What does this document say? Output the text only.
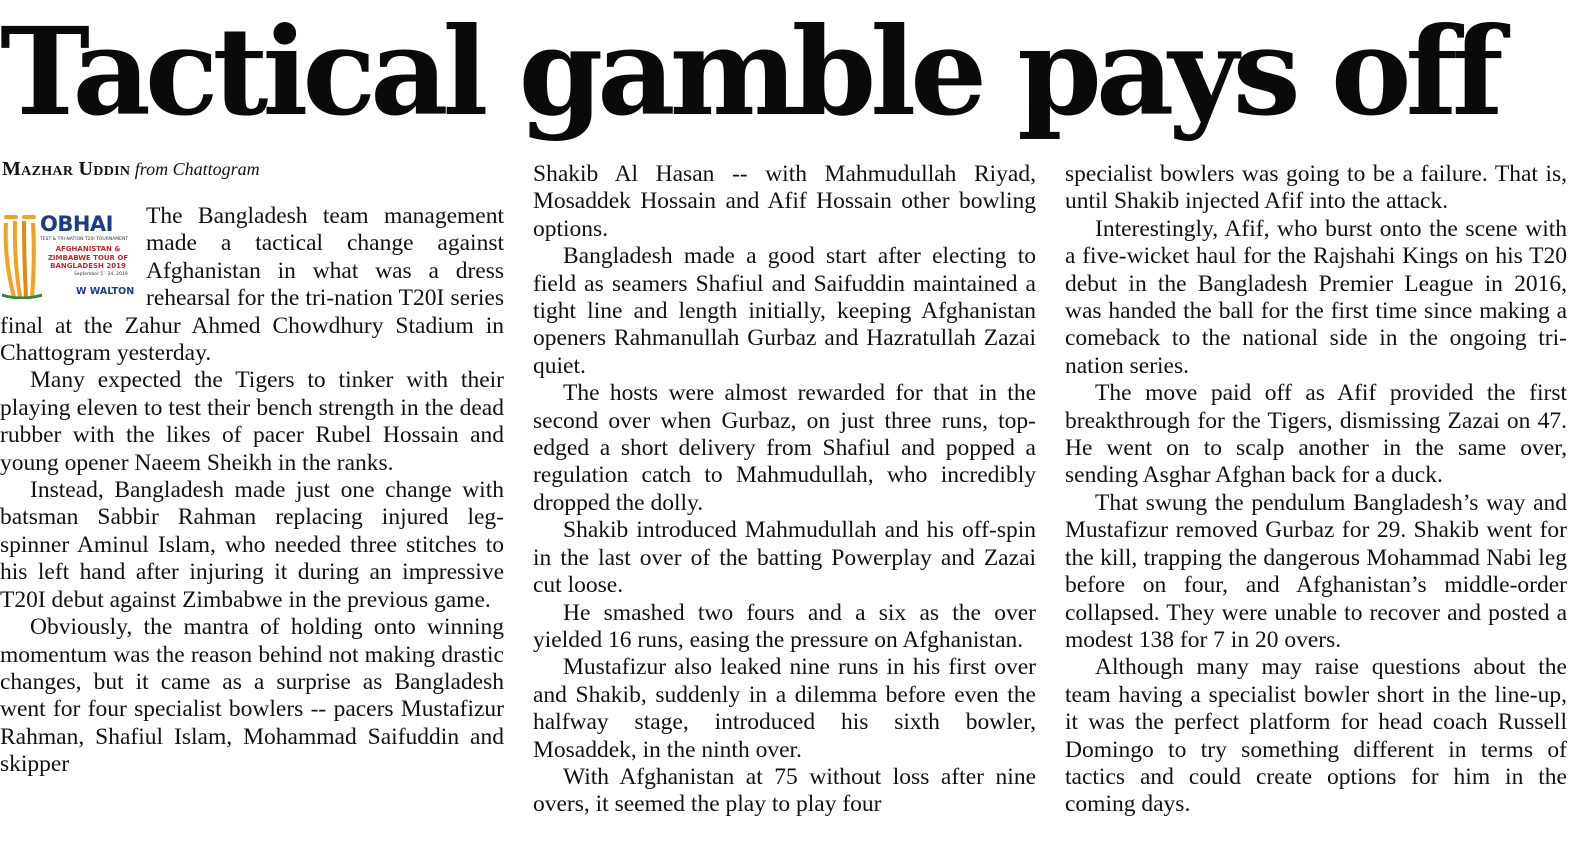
Tactical gamble pays off
Mazhar Uddin from Chattogram
OBHAI
TEST & TRI-NATION T20I TOURNAMENT
AFGHANISTAN & ZIMBABWE TOUR OF BANGLADESH 2019
September 5 - 24, 2019
W WALTON

The Bangladesh team management made a tactical change against Afghanistan in what was a dress rehearsal for the tri-nation T20I series final at the Zahur Ahmed Chowdhury Stadium in Chattogram yesterday.

Many expected the Tigers to tinker with their playing eleven to test their bench strength in the dead rubber with the likes of pacer Rubel Hossain and young opener Naeem Sheikh in the ranks.

Instead, Bangladesh made just one change with batsman Sabbir Rahman replacing injured leg-spinner Aminul Islam, who needed three stitches to his left hand after injuring it during an impressive T20I debut against Zimbabwe in the previous game.

Obviously, the mantra of holding onto winning momentum was the reason behind not making drastic changes, but it came as a surprise as Bangladesh went for four specialist bowlers -- pacers Mustafizur Rahman, Shafiul Islam, Mohammad Saifuddin and skipper

Shakib Al Hasan -- with Mahmudullah Riyad, Mosaddek Hossain and Afif Hossain other bowling options.

Bangladesh made a good start after electing to field as seamers Shafiul and Saifuddin maintained a tight line and length initially, keeping Afghanistan openers Rahmanullah Gurbaz and Hazratullah Zazai quiet.

The hosts were almost rewarded for that in the second over when Gurbaz, on just three runs, top-edged a short delivery from Shafiul and popped a regulation catch to Mahmudullah, who incredibly dropped the dolly.

Shakib introduced Mahmudullah and his off-spin in the last over of the batting Powerplay and Zazai cut loose.

He smashed two fours and a six as the over yielded 16 runs, easing the pressure on Afghanistan.

Mustafizur also leaked nine runs in his first over and Shakib, suddenly in a dilemma before even the halfway stage, introduced his sixth bowler, Mosaddek, in the ninth over.

With Afghanistan at 75 without loss after nine overs, it seemed the play to play four

specialist bowlers was going to be a failure. That is, until Shakib injected Afif into the attack.

Interestingly, Afif, who burst onto the scene with a five-wicket haul for the Rajshahi Kings on his T20 debut in the Bangladesh Premier League in 2016, was handed the ball for the first time since making a comeback to the national side in the ongoing tri-nation series.

The move paid off as Afif provided the first breakthrough for the Tigers, dismissing Zazai on 47. He went on to scalp another in the same over, sending Asghar Afghan back for a duck.

That swung the pendulum Bangladesh’s way and Mustafizur removed Gurbaz for 29. Shakib went for the kill, trapping the dangerous Mohammad Nabi leg before on four, and Afghanistan’s middle-order collapsed. They were unable to recover and posted a modest 138 for 7 in 20 overs.

Although many may raise questions about the team having a specialist bowler short in the line-up, it was the perfect platform for head coach Russell Domingo to try something different in terms of tactics and could create options for him in the coming days.
